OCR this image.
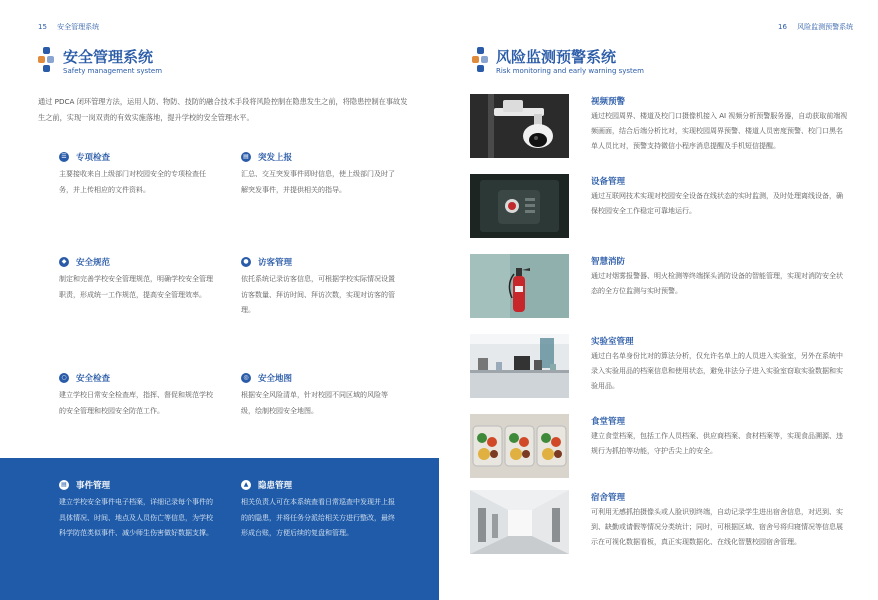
15 安全管理系统
安全管理系统
Safety management system
通过 PDCA 闭环管理方法，运用人防、物防、技防的融合技术手段将风险控制在隐患发生之前，将隐患控制在事故发生之前，实现一岗双责的有效实施落地，提升学校的安全管理水平。
☰ 专项检查
主要接收来自上级部门对校园安全的专项检查任务，并上传相应的文件资料。
▤ 突发上报
汇总、交互突发事件即时信息，使上级部门及时了解突发事件，并提供相关的指导。
◆	安全规范
制定和完善学校安全管理规范，明确学校安全管理职责，形成统一工作规范，提高安全管理效率。
● 访客管理
依托系统记录访客信息，可根据学校实际情况设置访客数量、拜访时间、拜访次数，实现对访客的管理。
○ 安全检查
建立学校日常安全检查库，指挥、督促和规范学校的安全管理和校园安全防范工作。
◎ 安全地图
根据安全风险清单，针对校园不同区域的风险等级，绘制校园安全地图。
▤ 事件管理
建立学校安全事件电子档案，详细记录每个事件的具体情况、时间、地点及人员伤亡等信息，为学校科学防范类似事件、减少师生伤害做好数据支撑。
▲	隐患管理
相关负责人可在本系统查看日常巡查中发现并上报的的隐患，并将任务分派给相关方进行整改，最终形成台账，方便后续的复盘和管理。
16 风险监测预警系统
风险监测预警系统
Risk monitoring and early warning system
视频预警
通过校园周界、楼道及校门口摄像机接入 AI 视频分析预警服务器，自动获取前端视频画面，结合后端分析比对，实现校园周界预警、楼道人员密度预警、校门口黑名单人员比对，预警支持微信小程序消息提醒及手机短信提醒。
设备管理
通过互联网技术实现对校园安全设备在线状态的实时监测，及时处理离线设备，确保校园安全工作稳定可靠地运行。
智慧消防
通过对烟雾报警器、明火检测等终端探头消防设备的智能管理，实现对消防安全状态的全方位监测与实时预警。
实验室管理
通过白名单身份比对的算法分析，仅允许名单上的人员进入实验室，另外在系统中录入实验用品的档案信息和使用状态，避免非法分子进入实验室窃取实验数据和实验用品。
食堂管理
建立食堂档案，包括工作人员档案、供应商档案、食材档案等，实现食品溯源、违规行为抓拍等功能，守护舌尖上的安全。
宿舍管理
可利用无感抓拍摄像头或人脸识别终端，自动记录学生进出宿舍信息，对迟到、实到、缺勤或请假等情况分类统计；同时，可根据区域、宿舍号将归寝情况等信息展示在可视化数据看板，真正实现数据化、在线化智慧校园宿舍管理。
